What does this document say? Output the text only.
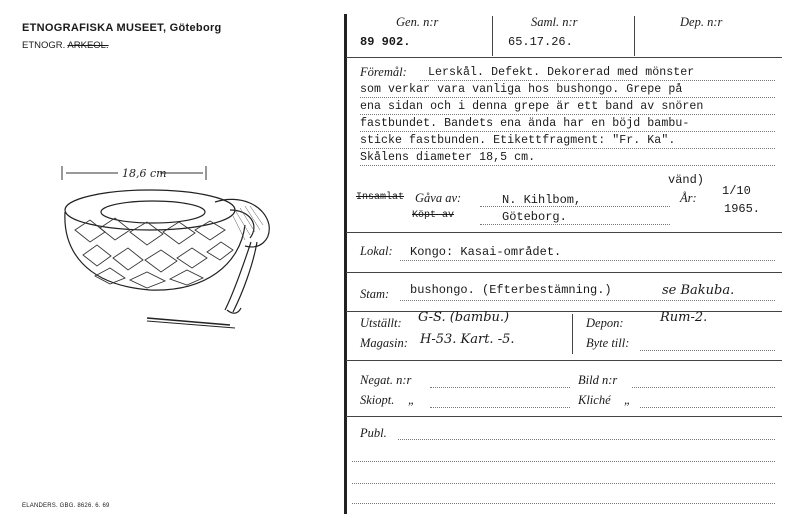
ETNOGRAFISKA MUSEET, Göteborg
ETNOGR. ARKEOL.
18,6 cm
ELANDERS. GBG. 8626. 6. 69
Gen. n:r	Saml. n:r	Dep. n:r
89 902.	65.17.26.
Föremål: Lerskål. Defekt. Dekorerad med mönster
som verkar vara vanliga hos bushongo. Grepe på
ena sidan och i denna grepe är ett band av snören
fastbundet. Bandets ena ända har en böjd bambu-
sticke fastbunden. Etikettfragment: "Fr. Ka".
Skålens diameter 18,5 cm.
vänd)
Insamlat Gåva av:	N. Kihlbom,	År: 1/10
Köpt av	Göteborg.
1965.
Lokal: Kongo: Kasai-området.
Stam: bushongo. (Efterbestämning.)	se Bakuba.
Utställt: G-S. (bambu.)
Magasin: H-53. Kart. -5.
Depon:	Rum-2.
Byte till:
Negat. n:r	Bild n:r
Skiopt. „	Kliché „
Publ.
